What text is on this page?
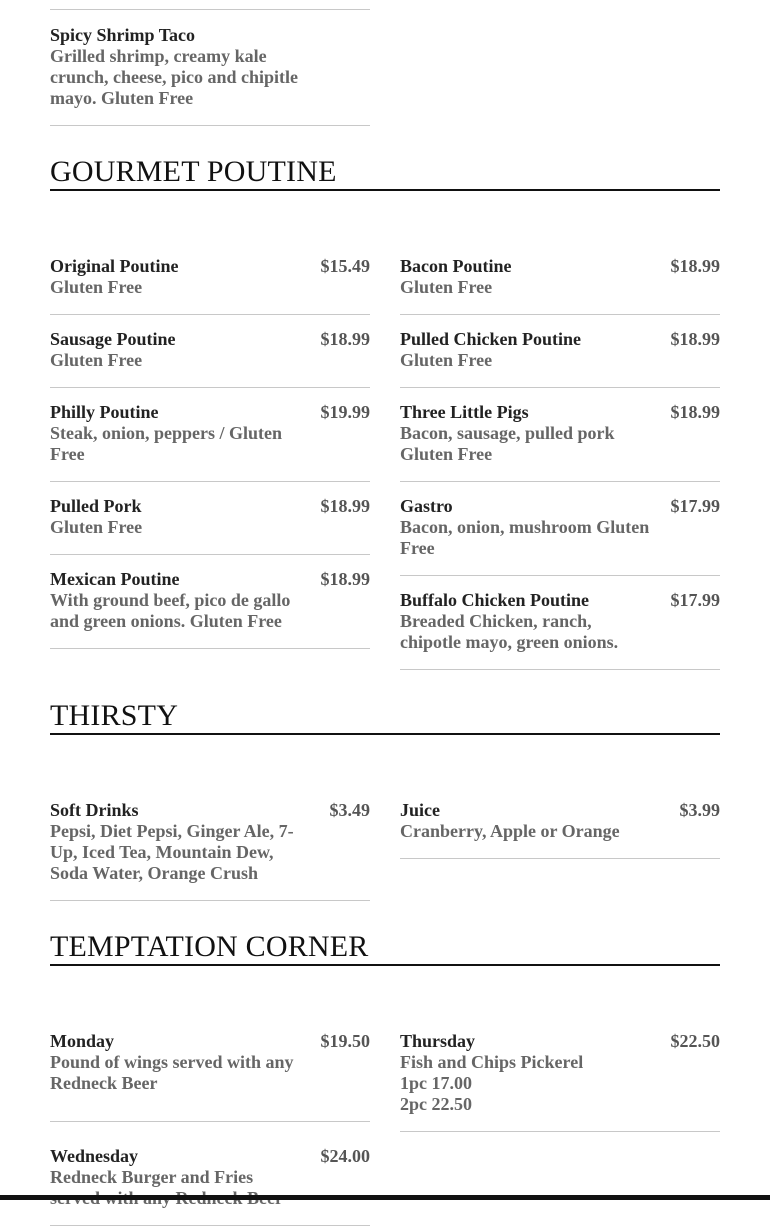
Spicy Shrimp Taco
Grilled shrimp, creamy kale crunch, cheese, pico and chipitle mayo. Gluten Free
GOURMET POUTINE
Original Poutine	$15.49
Gluten Free
Bacon Poutine	$18.99
Gluten Free
Sausage Poutine	$18.99
Gluten Free
Pulled Chicken Poutine	$18.99
Gluten Free
Philly Poutine	$19.99
Steak, onion, peppers / Gluten Free
Three Little Pigs	$18.99
Bacon, sausage, pulled pork
Gluten Free
Pulled Pork	$18.99
Gluten Free
Gastro	$17.99
Bacon, onion, mushroom Gluten Free
Mexican Poutine	$18.99
With ground beef, pico de gallo and green onions. Gluten Free
Buffalo Chicken Poutine	$17.99
Breaded Chicken, ranch, chipotle mayo, green onions.
THIRSTY
Soft Drinks	$3.49
Pepsi, Diet Pepsi, Ginger Ale, 7-Up, Iced Tea, Mountain Dew, Soda Water, Orange Crush
Juice	$3.99
Cranberry, Apple or Orange
TEMPTATION CORNER
Monday	$19.50
Pound of wings served with any Redneck Beer
Thursday	$22.50
Fish and Chips Pickerel
1pc 17.00
2pc 22.50
Wednesday	$24.00
Redneck Burger and Fries
